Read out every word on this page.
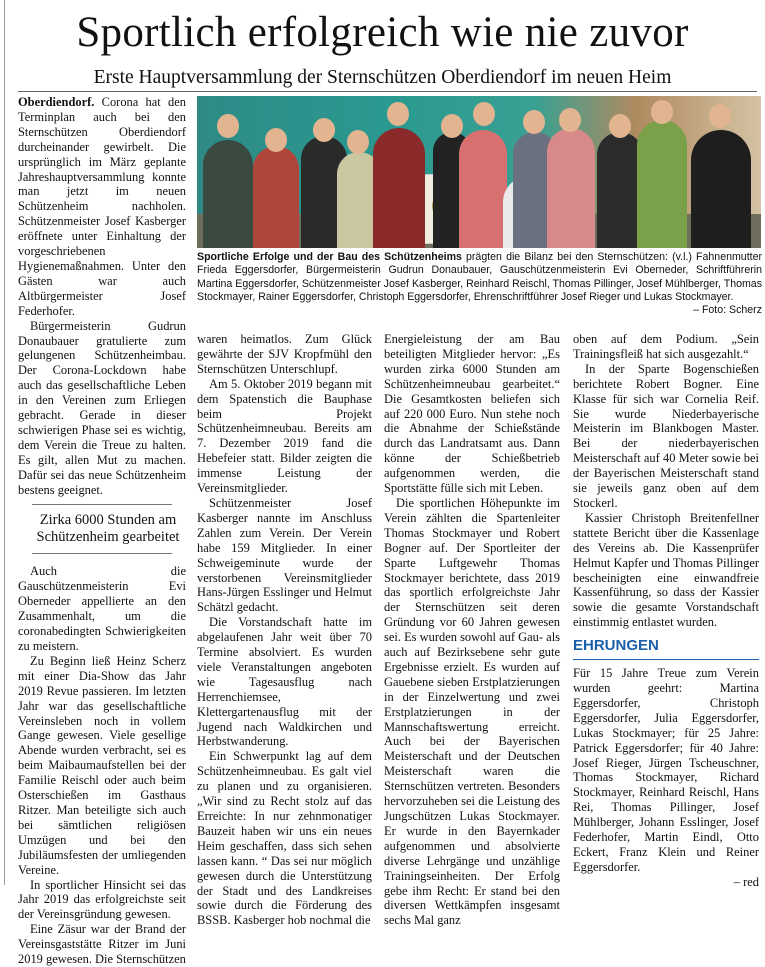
Sportlich erfolgreich wie nie zuvor
Erste Hauptversammlung der Sternschützen Oberdiendorf im neuen Heim

Oberdiendorf. Corona hat den Terminplan auch bei den Sternschützen Oberdiendorf durcheinander gewirbelt. Die ursprünglich im März geplante Jahreshauptversammlung konnte man jetzt im neuen Schützenheim nachholen. Schützenmeister Josef Kasberger eröffnete unter Einhaltung der vorgeschriebenen Hygienemaßnahmen. Unter den Gästen war auch Altbürgermeister Josef Federhofer.

Bürgermeisterin Gudrun Donaubauer gratulierte zum gelungenen Schützenheimbau. Der Corona-Lockdown habe auch das gesellschaftliche Leben in den Vereinen zum Erliegen gebracht. Gerade in dieser schwierigen Phase sei es wichtig, dem Verein die Treue zu halten. Es gilt, allen Mut zu machen. Dafür sei das neue Schützenheim bestens geeignet.

Zirka 6000 Stunden am

Schützenheim gearbeitet

Auch die Gauschützenmeisterin Evi Oberneder appellierte an den Zusammenhalt, um die coronabedingten Schwierigkeiten zu meistern.

Zu Beginn ließ Heinz Scherz mit einer Dia-Show das Jahr 2019 Revue passieren. Im letzten Jahr war das gesellschaftliche Vereinsleben noch in vollem Gange gewesen. Viele gesellige Abende wurden verbracht, sei es beim Maibaumaufstellen bei der Familie Reischl oder auch beim Osterschießen im Gasthaus Ritzer. Man beteiligte sich auch bei sämtlichen religiösen Umzügen und bei den Jubiläumsfesten der umliegenden Vereine.

In sportlicher Hinsicht sei das Jahr 2019 das erfolgreichste seit der Vereinsgründung gewesen.

Eine Zäsur war der Brand der Vereinsgaststätte Ritzer im Juni 2019 gewesen. Die Sternschützen

Sportliche Erfolge und der Bau des Schützenheims prägten die Bilanz bei den Sternschützen: (v.l.) Fahnenmutter Frieda Eggersdorfer, Bürgermeisterin Gudrun Donaubauer, Gauschützenmeisterin Evi Oberneder, Schriftführerin Martina Eggersdorfer, Schützenmeister Josef Kasberger, Reinhard Reischl, Thomas Pillinger, Josef Mühlberger, Thomas Stockmayer, Rainer Eggersdorfer, Christoph Eggersdorfer, Ehrenschriftführer Josef Rieger und Lukas Stockmayer.
– Foto: Scherz

waren heimatlos. Zum Glück gewährte der SJV Kropfmühl den Sternschützen Unterschlupf.

Am 5. Oktober 2019 begann mit dem Spatenstich die Bauphase beim Projekt Schützenheimneubau. Bereits am 7. Dezember 2019 fand die Hebefeier statt. Bilder zeigten die immense Leistung der Vereinsmitglieder.

Schützenmeister Josef Kasberger nannte im Anschluss Zahlen zum Verein. Der Verein habe 159 Mitglieder. In einer Schweigeminute wurde der verstorbenen Vereinsmitglieder Hans-Jürgen Esslinger und Helmut Schätzl gedacht.

Die Vorstandschaft hatte im abgelaufenen Jahr weit über 70 Termine absolviert. Es wurden viele Veranstaltungen angeboten wie Tagesausflug nach Herrenchiemsee, Klettergartenausflug mit der Jugend nach Waldkirchen und Herbstwanderung.

Ein Schwerpunkt lag auf dem Schützenheimneubau. Es galt viel zu planen und zu organisieren. „Wir sind zu Recht stolz auf das Erreichte: In nur zehnmonatiger Bauzeit haben wir uns ein neues Heim geschaffen, dass sich sehen lassen kann. “ Das sei nur möglich gewesen durch die Unterstützung der Stadt und des Landkreises sowie durch die Förderung des BSSB. Kasberger hob nochmal die

Energieleistung der am Bau beteiligten Mitglieder hervor: „Es wurden zirka 6000 Stunden am Schützenheimneubau gearbeitet.“ Die Gesamtkosten beliefen sich auf 220 000 Euro. Nun stehe noch die Abnahme der Schießstände durch das Landratsamt aus. Dann könne der Schießbetrieb aufgenommen werden, die Sportstätte fülle sich mit Leben.

Die sportlichen Höhepunkte im Verein zählten die Spartenleiter Thomas Stockmayer und Robert Bogner auf. Der Sportleiter der Sparte Luftgewehr Thomas Stockmayer berichtete, dass 2019 das sportlich erfolgreichste Jahr der Sternschützen seit deren Gründung vor 60 Jahren gewesen sei. Es wurden sowohl auf Gau- als auch auf Bezirksebene sehr gute Ergebnisse erzielt. Es wurden auf Gauebene sieben Erstplatzierungen in der Einzelwertung und zwei Erstplatzierungen in der Mannschaftswertung erreicht. Auch bei der Bayerischen Meisterschaft und der Deutschen Meisterschaft waren die Sternschützen vertreten. Besonders hervorzuheben sei die Leistung des Jungschützen Lukas Stockmayer. Er wurde in den Bayernkader aufgenommen und absolvierte diverse Lehrgänge und unzählige Trainingseinheiten. Der Erfolg gebe ihm Recht: Er stand bei den diversen Wettkämpfen insgesamt sechs Mal ganz

oben auf dem Podium. „Sein Trainingsfleiß hat sich ausgezahlt.“

In der Sparte Bogenschießen berichtete Robert Bogner. Eine Klasse für sich war Cornelia Reif. Sie wurde Niederbayerische Meisterin im Blankbogen Master. Bei der niederbayerischen Meisterschaft auf 40 Meter sowie bei der Bayerischen Meisterschaft stand sie jeweils ganz oben auf dem Stockerl.

Kassier Christoph Breitenfellner stattete Bericht über die Kassenlage des Vereins ab. Die Kassenprüfer Helmut Kapfer und Thomas Pillinger bescheinigten eine einwandfreie Kassenführung, so dass der Kassier sowie die gesamte Vorstandschaft einstimmig entlastet wurden.

EHRUNGEN

Für 15 Jahre Treue zum Verein wurden geehrt: Martina Eggersdorfer, Christoph Eggersdorfer, Julia Eggersdorfer, Lukas Stockmayer; für 25 Jahre: Patrick Eggersdorfer; für 40 Jahre: Josef Rieger, Jürgen Tscheuschner, Thomas Stockmayer, Richard Stockmayer, Reinhard Reischl, Hans Rei, Thomas Pillinger, Josef Mühlberger, Johann Esslinger, Josef Federhofer, Martin Eindl, Otto Eckert, Franz Klein und Reiner Eggersdorfer.

– red
